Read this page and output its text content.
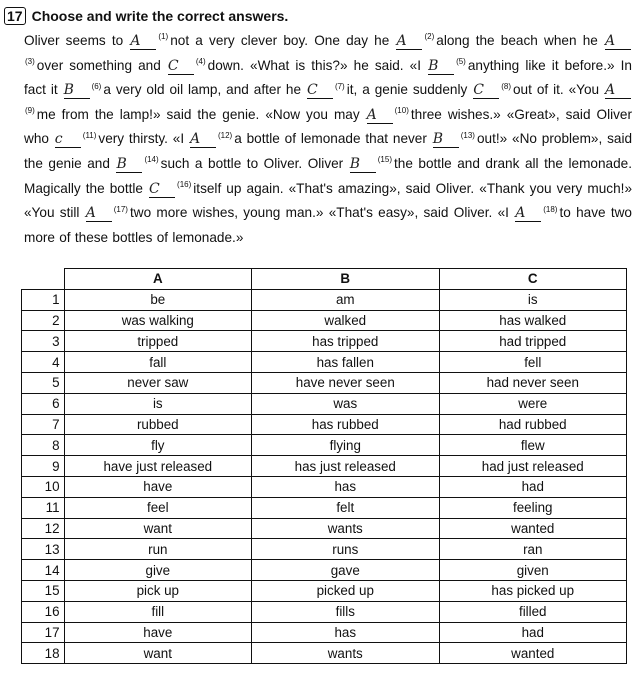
17 Choose and write the correct answers.
Oliver seems to A $^{(1)}$ not a very clever boy. One day he A $^{(2)}$ along the beach when he $A^{(3)}$ over something and C $^{(4)}$ down. «What is this?» he said. «I B $^{(5)}$ anything like it before.» In fact it B $^{(6)}$ a very old oil lamp, and after he C $^{(7)}$ it, a genie suddenly C $^{(8)}$ out of it. «You $A^{(9)}$ me from the lamp!» said the genie. «Now you may A $^{(10)}$ three wishes.» «Great», said Oliver who c	$^{(11)}$ very thirsty. «I A $^{(12)}$ a bottle of lemonade that never B $^{(13)}$ out!» «No problem», said the genie and B $^{(14)}$ such a bottle to Oliver. Oliver B $^{(15)}$ the bottle and drank all the lemonade. Magically the bottle C $^{(16)}$ itself up again. «That's amazing», said Oliver. «Thank you very much!» «You still A $^{(17)}$ two more wishes, young man.» «That's easy», said Oliver. «I A $^{(18)}$ to have two more of these bottles of lemonade.»
	A	B	C
1	be	am	is
2	was walking	walked	has walked
3	tripped	has tripped	had tripped
4	fall	has fallen	fell
5	never saw	have never seen	had never seen
6	is	was	were
7	rubbed	has rubbed	had rubbed
8	fly	flying	flew
9	have just released	has just released	had just released
10	have	has	had
11	feel	felt	feeling
12	want	wants	wanted
13	run	runs	ran
14	give	gave	given
15	pick up	picked up	has picked up
16	fill	fills	filled
17	have	has	had
18	want	wants	wanted
